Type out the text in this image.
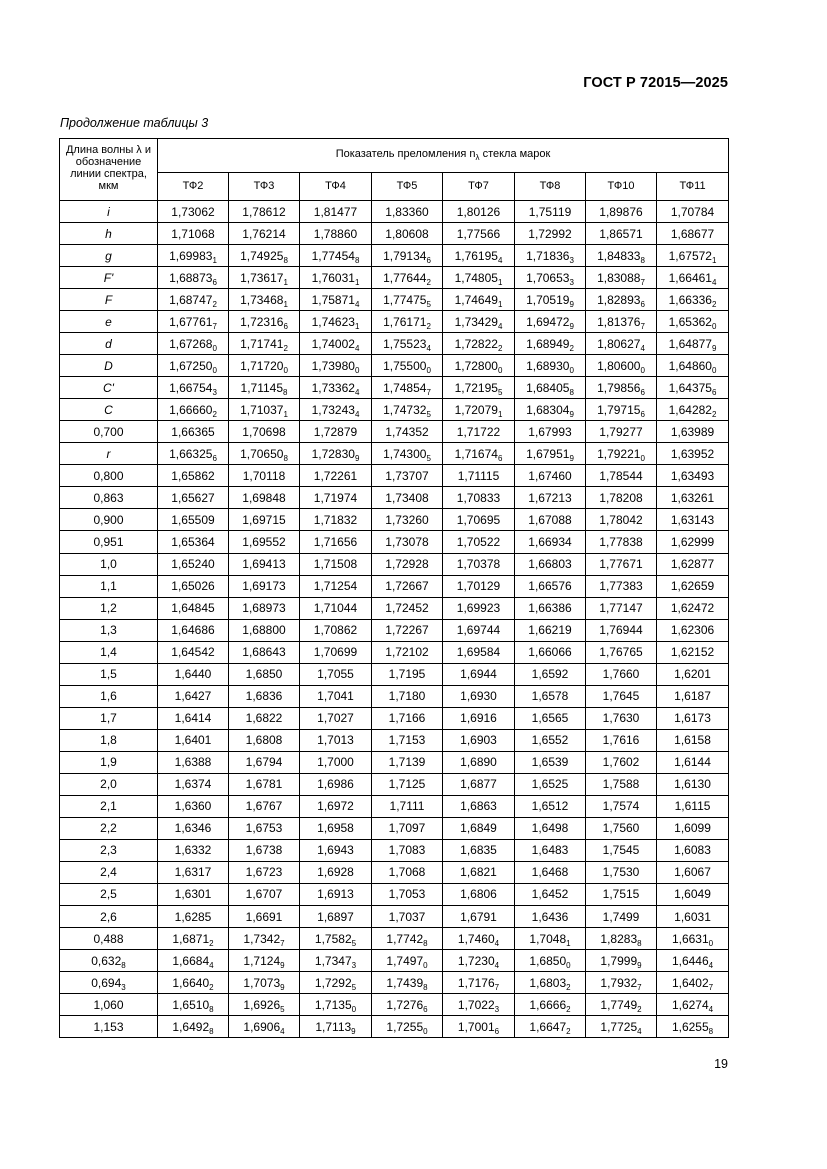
ГОСТ Р 72015—2025
Продолжение таблицы 3
Длина волны λ и обозначение линии спектра, мкм	Показатель преломления $n_\lambda$ стекла марок							
	ТФ2	ТФ3	ТФ4	ТФ5	ТФ7	ТФ8	ТФ10	ТФ11
i	1,73062	1,78612	1,81477	1,83360	1,80126	1,75119	1,89876	1,70784
h	1,71068	1,76214	1,78860	1,80608	1,77566	1,72992	1,86571	1,68677
g	$1,69983_1$	$1,74925_8$	$1,77454_8$	$1,79134_6$	$1,76195_4$	$1,71836_3$	$1,84833_8$	$1,67572_1$
F'	$1,68873_6$	$1,73617_1$	$1,76031_1$	$1,77644_2$	$1,74805_1$	$1,70653_3$	$1,83088_7$	$1,66461_4$
F	$1,68747_2$	$1,73468_1$	$1,75871_4$	$1,77475_5$	$1,74649_1$	$1,70519_9$	$1,82893_6$	$1,66336_2$
e	$1,67761_7$	$1,72316_6$	$1,74623_1$	$1,76171_2$	$1,73429_4$	$1,69472_9$	$1,81376_7$	$1,65362_0$
d	$1,67268_0$	$1,71741_2$	$1,74002_4$	$1,75523_4$	$1,72822_2$	$1,68949_2$	$1,80627_4$	$1,64877_9$
D	$1,67250_0$	$1,71720_0$	$1,73980_0$	$1,75500_0$	$1,72800_0$	$1,68930_0$	$1,80600_0$	$1,64860_0$
C'	$1,66754_3$	$1,71145_8$	$1,73362_4$	$1,74854_7$	$1,72195_5$	$1,68405_8$	$1,79856_6$	$1,64375_6$
C	$1,66660_2$	$1,71037_1$	$1,73243_4$	$1,74732_5$	$1,72079_1$	$1,68304_9$	$1,79715_6$	$1,64282_2$
0,700	1,66365	1,70698	1,72879	1,74352	1,71722	1,67993	1,79277	1,63989
r	$1,66325_6$	$1,70650_8$	$1,72830_9$	$1,74300_5$	$1,71674_6$	$1,67951_9$	$1,79221_0$	1,63952
0,800	1,65862	1,70118	1,72261	1,73707	1,71115	1,67460	1,78544	1,63493
0,863	1,65627	1,69848	1,71974	1,73408	1,70833	1,67213	1,78208	1,63261
0,900	1,65509	1,69715	1,71832	1,73260	1,70695	1,67088	1,78042	1,63143
0,951	1,65364	1,69552	1,71656	1,73078	1,70522	1,66934	1,77838	1,62999
1,0	1,65240	1,69413	1,71508	1,72928	1,70378	1,66803	1,77671	1,62877
1,1	1,65026	1,69173	1,71254	1,72667	1,70129	1,66576	1,77383	1,62659
1,2	1,64845	1,68973	1,71044	1,72452	1,69923	1,66386	1,77147	1,62472
1,3	1,64686	1,68800	1,70862	1,72267	1,69744	1,66219	1,76944	1,62306
1,4	1,64542	1,68643	1,70699	1,72102	1,69584	1,66066	1,76765	1,62152
1,5	1,6440	1,6850	1,7055	1,7195	1,6944	1,6592	1,7660	1,6201
1,6	1,6427	1,6836	1,7041	1,7180	1,6930	1,6578	1,7645	1,6187
1,7	1,6414	1,6822	1,7027	1,7166	1,6916	1,6565	1,7630	1,6173
1,8	1,6401	1,6808	1,7013	1,7153	1,6903	1,6552	1,7616	1,6158
1,9	1,6388	1,6794	1,7000	1,7139	1,6890	1,6539	1,7602	1,6144
2,0	1,6374	1,6781	1,6986	1,7125	1,6877	1,6525	1,7588	1,6130
2,1	1,6360	1,6767	1,6972	1,7111	1,6863	1,6512	1,7574	1,6115
2,2	1,6346	1,6753	1,6958	1,7097	1,6849	1,6498	1,7560	1,6099
2,3	1,6332	1,6738	1,6943	1,7083	1,6835	1,6483	1,7545	1,6083
2,4	1,6317	1,6723	1,6928	1,7068	1,6821	1,6468	1,7530	1,6067
2,5	1,6301	1,6707	1,6913	1,7053	1,6806	1,6452	1,7515	1,6049
2,6	1,6285	1,6691	1,6897	1,7037	1,6791	1,6436	1,7499	1,6031
0,488	$1,6871_2$	$1,7342_7$	$1,7582_5$	$1,7742_8$	$1,7460_4$	$1,7048_1$	$1,8283_8$	$1,6631_0$
$0,632_8$	$1,6684_4$	$1,7124_9$	$1,7347_3$	$1,7497_0$	$1,7230_4$	$1,6850_0$	$1,7999_9$	$1,6446_4$
$0,694_3$	$1,6640_2$	$1,7073_9$	$1,7292_5$	$1,7439_8$	$1,7176_7$	$1,6803_2$	$1,7932_7$	$1,6402_7$
1,060	$1,6510_8$	$1,6926_5$	$1,7135_0$	$1,7276_6$	$1,7022_3$	$1,6666_2$	$1,7749_2$	$1,6274_4$
1,153	$1,6492_8$	$1,6906_4$	$1,7113_9$	$1,7255_0$	$1,7001_6$	$1,6647_2$	$1,7725_4$	$1,6255_8$
19
